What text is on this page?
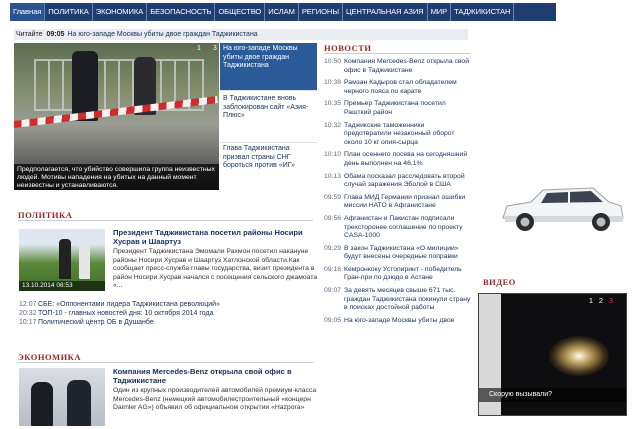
Главная ПОЛИТИКА ЭКОНОМИКА БЕЗОПАСНОСТЬ ОБЩЕСТВО ИСЛАМ РЕГИОНЫ ЦЕНТРАЛЬНАЯ АЗИЯ МИР ТАДЖИКИСТАН
Читайте 09:05 На юго-западе Москвы убиты двое граждан Таджикистана
Предполагается, что убийство совершила группа неизвестных людей. Мотивы нападения на убитых на данный момент неизвестны и устанавливаются.
1 2 3 На юго-западе Москвы убиты двое граждан Таджикистана
В Таджикистане вновь заблокирован сайт «Азия-Плюс»
Глава Таджикистана призвал страны СНГ бороться против «ИГ»
ПОЛИТИКА
13.10.2014 08:53
Президент Таджикистана посетил районы Носири Хусрав и Шаартуз
Президент Таджикистана Эмомали Рахмон посетил накануне районы Носири Хусрав и Шаартуз Хатлонской области.Как сообщает пресс-служба главы государства, визит президента в район Носири Хусрав начался с посещения сельского джамоата «...
12:07 СБЕ: «Оппонентами лидера Таджикистана революций»
20:32 ТОП-10 - главных новостей дня: 10 октября 2014 года
10:17 Политический центр ОБ в Душанбе
ЭКОНОМИКА
Компания Mercedes-Benz открыла свой офис в Таджикистане
Один из крупных производителей автомобилей премиум-класса Mercedes-Benz (немецкий автомобилестроительный «концерн Daimler AG») объявил об официальном открытии «Hazpora»
НОВОСТИ
10:50 Компания Mercedes-Benz открыла свой офис в Таджикистане
10:38 Рамзан Кадыров стал обладателем черного пояса по карате
10:35 Премьер Таджикистана посетил Рашткий район
10:32 Таджикские таможенники предотвратили незаконный оборот около 10 кг опия-сырца
10:10 План осеннего посева на сегодняшний день выполнен на 46,1%
10:13 Обама посказал расследовать второй случай заражения Эболой в США
09:59 Глава МИД Германии признал ошибки миссии НАТО в Афганистане
09:56 Афганистан и Пакистан подписали трехсторонее соглашение по проекту CASA-1000
09:29 В закон Таджикистана «О милиции» будут внесены очередные поправки
09:16 Кемронкоку Устопиринт - победитель Гран-при по дзюдо в Астане
09:07 За девять месяцев свыше 671 тыс. граждан Таджикистана покинули страну в поисках достойной работы
09:05 На юго-западе Москвы убиты двое
ВИДЕО
Скорую вызывали?
1 2 3
